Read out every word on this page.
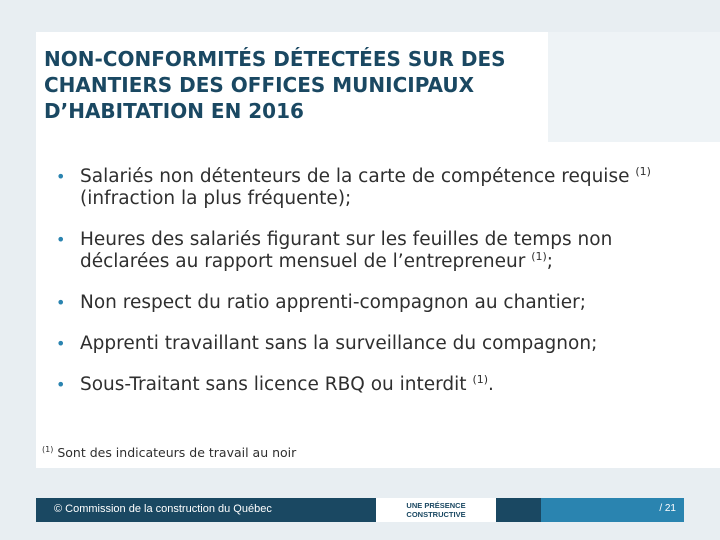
NON-CONFORMITÉS DÉTECTÉES SUR DES CHANTIERS DES OFFICES MUNICIPAUX D’HABITATION EN 2016
• Salariés non détenteurs de la carte de compétence requise $^{(1)}$ (infraction la plus fréquente);
• Heures des salariés figurant sur les feuilles de temps non déclarées au rapport mensuel de l’entrepreneur $^{(1)}$;
• Non respect du ratio apprenti-compagnon au chantier;
• Apprenti travaillant sans la surveillance du compagnon;
• Sous-Traitant sans licence RBQ ou interdit $^{(1)}$.
$^{(1)}$ Sont des indicateurs de travail au noir
© Commission de la construction du Québec	UNE PRÉSENCE
CONSTRUCTIVE
/ 21
